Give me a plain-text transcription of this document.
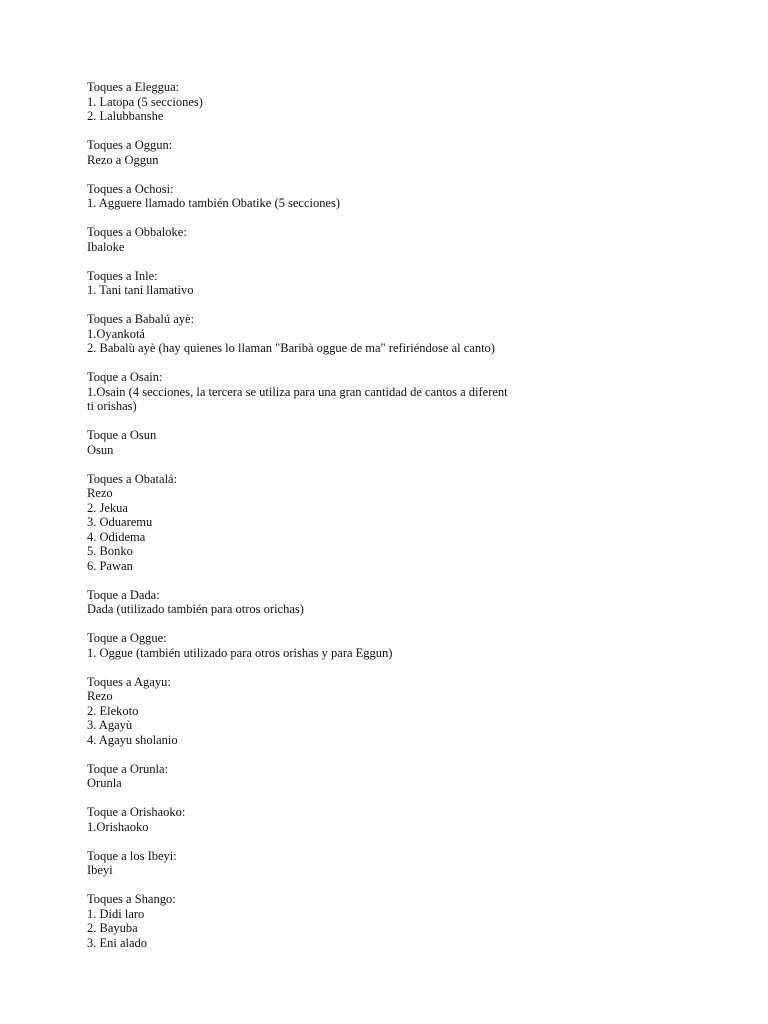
Toques a Eleggua:
1. Latopa (5 secciones)
2. Lalubbanshe
Toques a Oggun:
Rezo a Oggun
Toques a Ochosi:
1. Agguere llamado también Obatike (5 secciones)
Toques a Obbaloke:
Ibaloke
Toques a Inle:
1. Tani tani llamativo
Toques a Babalú ayè:
1.Oyankotá
2. Babalù ayè (hay quienes lo llaman "Baribà oggue de ma" refiriéndose al canto)
Toque a Osain:
1.Osain (4 secciones, la tercera se utiliza para una gran cantidad de cantos a diferent
ti orishas)
Toque a Osun
Osun
Toques a Obatalá:
Rezo
2. Jekua
3. Oduaremu
4. Odidema
5. Bonko
6. Pawan
Toque a Dada:
Dada (utilizado también para otros orichas)
Toque a Oggue:
1. Oggue (también utilizado para otros orishas y para Eggun)
Toques a Agayu:
Rezo
2. Elekoto
3. Agayù
4. Agayu sholanio
Toque a Orunla:
Orunla
Toque a Orishaoko:
1.Orishaoko
Toque a los Ibeyi:
Ibeyi
Toques a Shango:
1. Didi laro
2. Bayuba
3. Eni alado
